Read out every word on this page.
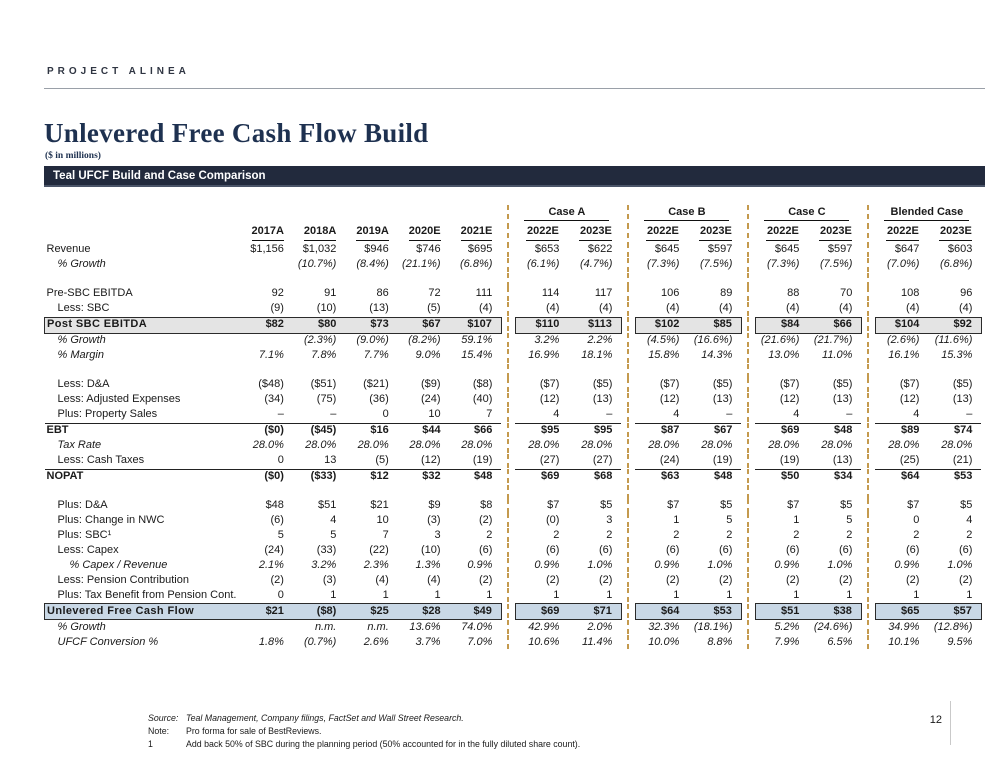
PROJECT ALINEA
Unlevered Free Cash Flow Build
($ in millions)
Teal UFCF Build and Case Comparison

							Case A			Case B			Case C			Blended Case	

	2017A	2018A	2019A	2020E	2021E		2022E	2023E		2022E	2023E		2022E	2023E		2022E	2023E

Revenue	$1,156	$1,032	$946	$746	$695		$653	$622		$645	$597		$645	$597		$647	$603
% Growth		(10.7%)	(8.4%)	(21.1%)	(6.8%)		(6.1%)	(4.7%)		(7.3%)	(7.5%)		(7.3%)	(7.5%)		(7.0%)	(6.8%)

Pre-SBC EBITDA	92	91	86	72	111		114	117		106	89		88	70		108	96
Less: SBC	(9)	(10)	(13)	(5)	(4)		(4)	(4)		(4)	(4)		(4)	(4)		(4)	(4)
Post SBC EBITDA	$82	$80	$73	$67	$107		$110	$113		$102	$85		$84	$66		$104	$92
% Growth		(2.3%)	(9.0%)	(8.2%)	59.1%		3.2%	2.2%		(4.5%)	(16.6%)		(21.6%)	(21.7%)		(2.6%)	(11.6%)
% Margin	7.1%	7.8%	7.7%	9.0%	15.4%		16.9%	18.1%		15.8%	14.3%		13.0%	11.0%		16.1%	15.3%

Less: D&A	($48)	($51)	($21)	($9)	($8)		($7)	($5)		($7)	($5)		($7)	($5)		($7)	($5)
Less: Adjusted Expenses	(34)	(75)	(36)	(24)	(40)		(12)	(13)		(12)	(13)		(12)	(13)		(12)	(13)
Plus: Property Sales	–	–	0	10	7		4	–		4	–		4	–		4	–
EBT	($0)	($45)	$16	$44	$66		$95	$95		$87	$67		$69	$48		$89	$74
Tax Rate	28.0%	28.0%	28.0%	28.0%	28.0%		28.0%	28.0%		28.0%	28.0%		28.0%	28.0%		28.0%	28.0%
Less: Cash Taxes	0	13	(5)	(12)	(19)		(27)	(27)		(24)	(19)		(19)	(13)		(25)	(21)
NOPAT	($0)	($33)	$12	$32	$48		$69	$68		$63	$48		$50	$34		$64	$53

Plus: D&A	$48	$51	$21	$9	$8		$7	$5		$7	$5		$7	$5		$7	$5
Plus: Change in NWC	(6)	4	10	(3)	(2)		(0)	3		1	5		1	5		0	4
Plus: SBC¹	5	5	7	3	2		2	2		2	2		2	2		2	2
Less: Capex	(24)	(33)	(22)	(10)	(6)		(6)	(6)		(6)	(6)		(6)	(6)		(6)	(6)
% Capex / Revenue	2.1%	3.2%	2.3%	1.3%	0.9%		0.9%	1.0%		0.9%	1.0%		0.9%	1.0%		0.9%	1.0%
Less: Pension Contribution	(2)	(3)	(4)	(4)	(2)		(2)	(2)		(2)	(2)		(2)	(2)		(2)	(2)
Plus: Tax Benefit from Pension Cont.	0	1	1	1	1		1	1		1	1		1	1		1	1
Unlevered Free Cash Flow	$21	($8)	$25	$28	$49		$69	$71		$64	$53		$51	$38		$65	$57
% Growth		n.m.	n.m.	13.6%	74.0%		42.9%	2.0%		32.3%	(18.1%)		5.2%	(24.6%)		34.9%	(12.8%)
UFCF Conversion %	1.8%	(0.7%)	2.6%	3.7%	7.0%		10.6%	11.4%		10.0%	8.8%		7.9%	6.5%		10.1%	9.5%
Source: Teal Management, Company filings, FactSet and Wall Street Research.
Note:	Pro forma for sale of BestReviews.
1	Add back 50% of SBC during the planning period (50% accounted for in the fully diluted share count).
12
